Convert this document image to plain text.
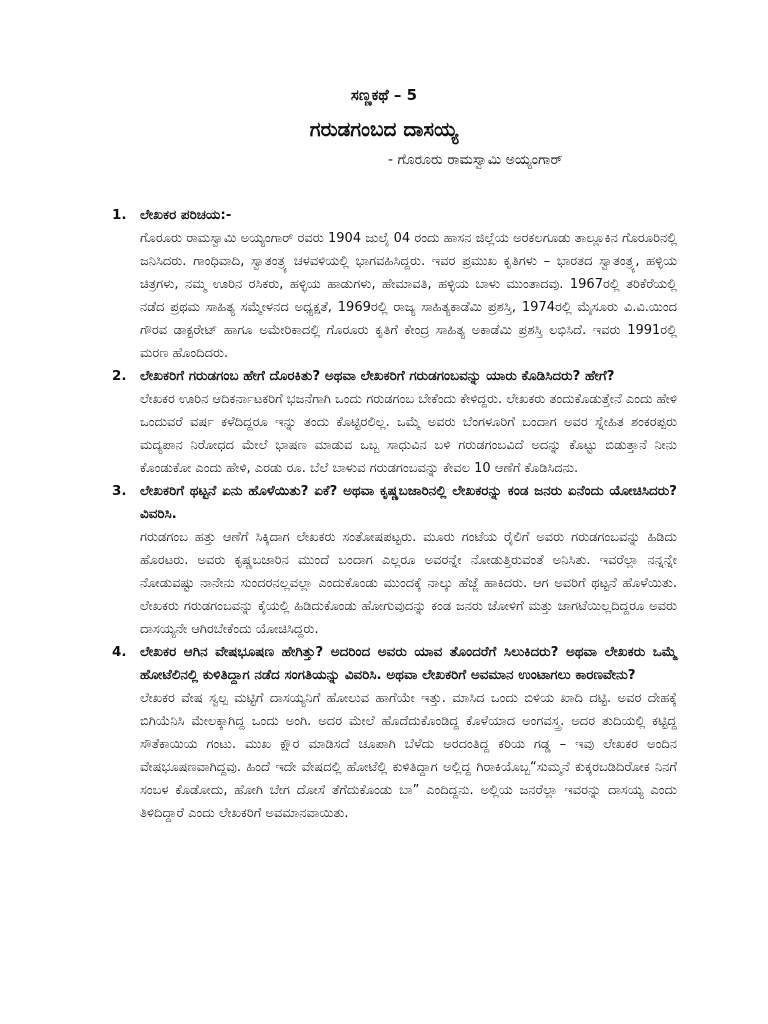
ಸಣ್ಣಕಥೆ – 5
ಗರುಡಗಂಬದ ದಾಸಯ್ಯ
- ಗೊರೂರು ರಾಮಸ್ವಾಮಿ ಅಯ್ಯಂಗಾರ್
1. ಲೇಖಕರ ಪರಿಚಯ:-

ಗೊರೂರು ರಾಮಸ್ವಾಮಿ ಅಯ್ಯಂಗಾರ್ ರವರು 1904 ಜುಲೈ 04 ರಂದು ಹಾಸನ ಜಿಲ್ಲೆಯ ಅರಕಲಗೂಡು ತಾಲ್ಲೂಕಿನ ಗೊರೂರಿನಲ್ಲಿ ಜನಿಸಿದರು. ಗಾಂಧಿವಾದಿ, ಸ್ವಾತಂತ್ರ್ಯ ಚಳವಳಿಯಲ್ಲಿ ಭಾಗವಹಿಸಿದ್ದರು. ಇವರ ಪ್ರಮುಖ ಕೃತಿಗಳು – ಭಾರತದ ಸ್ವಾತಂತ್ರ್ಯ, ಹಳ್ಳಿಯ ಚಿತ್ರಗಳು, ನಮ್ಮ ಊರಿನ ರಸಿಕರು, ಹಳ್ಳಿಯ ಹಾಡುಗಳು, ಹೇಮಾವತಿ, ಹಳ್ಳಿಯ ಬಾಳು ಮುಂತಾದವು. 1967ರಲ್ಲಿ ತರಿಕೆರೆಯಲ್ಲಿ ನಡೆದ ಪ್ರಥಮ ಸಾಹಿತ್ಯ ಸಮ್ಮೇಳನದ ಅಧ್ಯಕ್ಷತೆ, 1969ರಲ್ಲಿ ರಾಜ್ಯ ಸಾಹಿತ್ಯಕಾಡೆಮಿ ಪ್ರಶಸ್ತಿ, 1974ರಲ್ಲಿ ಮೈಸೂರು ವಿ.ವಿ.ಯಿಂದ ಗೌರವ ಡಾಕ್ಟರೇಟ್ ಹಾಗೂ ಅಮೇರಿಕಾದಲ್ಲಿ ಗೊರೂರು ಕೃತಿಗೆ ಕೇಂದ್ರ ಸಾಹಿತ್ಯ ಅಕಾಡೆಮಿ ಪ್ರಶಸ್ತಿ ಲಭಿಸಿದೆ. ಇವರು 1991ರಲ್ಲಿ ಮರಣ ಹೊಂದಿದರು.

2. ಲೇಖಕರಿಗೆ ಗರುಡಗಂಬ ಹೇಗೆ ದೊರಕಿತು? ಅಥವಾ ಲೇಖಕರಿಗೆ ಗರುಡಗಂಬವನ್ನು ಯಾರು ಕೊಡಿಸಿದರು? ಹೇಗೆ?

ಲೇಖಕರ ಊರಿನ ಆದಿಕರ್ನಾಟಕರಿಗೆ ಭಜನೆಗಾಗಿ ಒಂದು ಗರುಡಗಂಬ ಬೇಕೆಂದು ಕೇಳಿದ್ದರು. ಲೇಖಕರು ತಂದುಕೊಡುತ್ತೇನೆ ಎಂದು ಹೇಳಿ ಒಂದುವರೆ ವರ್ಷ ಕಳೆದಿದ್ದರೂ ಇನ್ನು ತಂದು ಕೊಟ್ಟಿರಲಿಲ್ಲ. ಒಮ್ಮೆ ಅವರು ಬೆಂಗಳೂರಿಗೆ ಬಂದಾಗ ಅವರ ಸ್ನೇಹಿತ ಶಂಕರಪ್ಪರು ಮದ್ಯಪಾನ ನಿರೋಧದ ಮೇಲೆ ಭಾಷಣ ಮಾಡುವ ಒಬ್ಬ ಸಾಧುವಿನ ಬಳಿ ಗರುಡಗಂಬವಿದೆ ಅದನ್ನು ಕೊಟ್ಟು ಬಿಡುತ್ತಾನೆ ನೀನು ಕೊಂಡುಕೋ ಎಂದು ಹೇಳಿ, ಎರಡು ರೂ. ಬೆಲೆ ಬಾಳುವ ಗರುಡಗಂಬವನ್ನು ಕೇವಲ 10 ಆಣೆಗೆ ಕೊಡಿಸಿದನು.

3. ಲೇಖಕರಿಗೆ ಥಟ್ಟನೆ ಏನು ಹೊಳೆಯಿತು? ಏಕೆ? ಅಥವಾ ಕೃಷ್ಣಬಜಾರಿನಲ್ಲಿ ಲೇಖಕರನ್ನು ಕಂಡ ಜನರು ಏನೆಂದು ಯೋಚಿಸಿದರು? ವಿವರಿಸಿ.

ಗರುಡಗಂಬ ಹತ್ತು ಆಣೆಗೆ ಸಿಕ್ಕಿದಾಗ ಲೇಖಕರು ಸಂತೋಷಪಟ್ಟರು. ಮೂರು ಗಂಟೆಯ ರೈಲಿಗೆ ಅವರು ಗರುಡಗಂಬವನ್ನು ಹಿಡಿದು ಹೊರಟರು. ಅವರು ಕೃಷ್ಣಬಜಾರಿನ ಮುಂದೆ ಬಂದಾಗ ಎಲ್ಲರೂ ಅವರನ್ನೇ ನೋಡುತ್ತಿರುವಂತೆ ಅನಿಸಿತು. ಇವರೆಲ್ಲಾ ನನ್ನನ್ನೇ ನೋಡುವಷ್ಟು ನಾನೇನು ಸುಂದರನಲ್ಲವಲ್ಲಾ ಎಂದುಕೊಂಡು ಮುಂದಕ್ಕೆ ನಾಲ್ಕು ಹೆಜ್ಜೆ ಹಾಕಿದರು. ಆಗ ಅವರಿಗೆ ಥಟ್ಟನೆ ಹೊಳೆಯಿತು. ಲೇಖಕರು ಗರುಡಗಂಬವನ್ನು ಕೈಯಲ್ಲಿ ಹಿಡಿದುಕೊಂಡು ಹೋಗುವುದನ್ನು ಕಂಡ ಜನರು ಜೋಳಿಗೆ ಮತ್ತು ಜಾಗಟೆಯಿಲ್ಲದಿದ್ದರೂ ಅವರು ದಾಸಯ್ಯನೇ ಆಗಿರಬೇಕೆಂದು ಯೋಚಿಸಿದ್ದರು.

4. ಲೇಖಕರ ಆಗಿನ ವೇಷಭೂಷಣ ಹೇಗಿತ್ತು? ಅದರಿಂದ ಅವರು ಯಾವ ತೊಂದರೆಗೆ ಸಿಲುಕಿದರು? ಅಥವಾ ಲೇಖಕರು ಒಮ್ಮೆ ಹೋಟೆಲಿನಲ್ಲಿ ಕುಳಿತಿದ್ದಾಗ ನಡೆದ ಸಂಗತಿಯನ್ನು ವಿವರಿಸಿ. ಅಥವಾ ಲೇಖಕರಿಗೆ ಅವಮಾನ ಉಂಟಾಗಲು ಕಾರಣವೇನು?

ಲೇಖಕರ ವೇಷ ಸ್ವಲ್ಪ ಮಟ್ಟಿಗೆ ದಾಸಯ್ಯನಿಗೆ ಹೋಲುವ ಹಾಗೆಯೇ ಇತ್ತು. ಮಾಸಿದ ಒಂದು ಬಿಳಿಯ ಖಾದಿ ದಟ್ಟಿ. ಅವರ ದೇಹಕ್ಕೆ ಬಿಗಿಯೆನಿಸಿ ಮೇಲಕ್ಕಾಗಿದ್ದ ಒಂದು ಅಂಗಿ. ಅದರ ಮೇಲೆ ಹೊದೆದುಕೊಂಡಿದ್ದ ಕೊಳೆಯಾದ ಅಂಗವಸ್ತ್ರ. ಅದರ ತುದಿಯಲ್ಲಿ ಕಟ್ಟಿದ್ದ ಸೌತೆಕಾಯಿಯ ಗಂಟು. ಮುಖ ಕ್ಷೌರ ಮಾಡಿಸದೆ ಚೂಪಾಗಿ ಬೆಳೆದು ಅರದಂತಿದ್ದ ಕರಿಯ ಗಡ್ಡ – ಇವು ಲೇಖಕರ ಅಂದಿನ ವೇಷಭೂಷಣವಾಗಿದ್ದವು. ಹಿಂದೆ ಇದೇ ವೇಷದಲ್ಲಿ ಹೋಟೆಲ್ಲಿ ಕುಳಿತಿದ್ದಾಗ ಅಲ್ಲಿದ್ದ ಗಿರಾಕಿಯೊಬ್ಬ“ಸುಮ್ಮನೆ ಕುಕ್ಕರಬಡಿದಿರೋಕ ನಿನಗೆ ಸಂಬಳ ಕೊಡೋದು, ಹೋಗಿ ಬೇಗ ದೋಸೆ ತೆಗೆದುಕೊಂಡು ಬಾ” ಎಂದಿದ್ದನು. ಅಲ್ಲಿಯ ಜನರೆಲ್ಲಾ ಇವರನ್ನು ದಾಸಯ್ಯ ಎಂದು ತಿಳಿದಿದ್ದಾರೆ ಎಂದು ಲೇಖಕರಿಗೆ ಅವಮಾನವಾಯಿತು.
